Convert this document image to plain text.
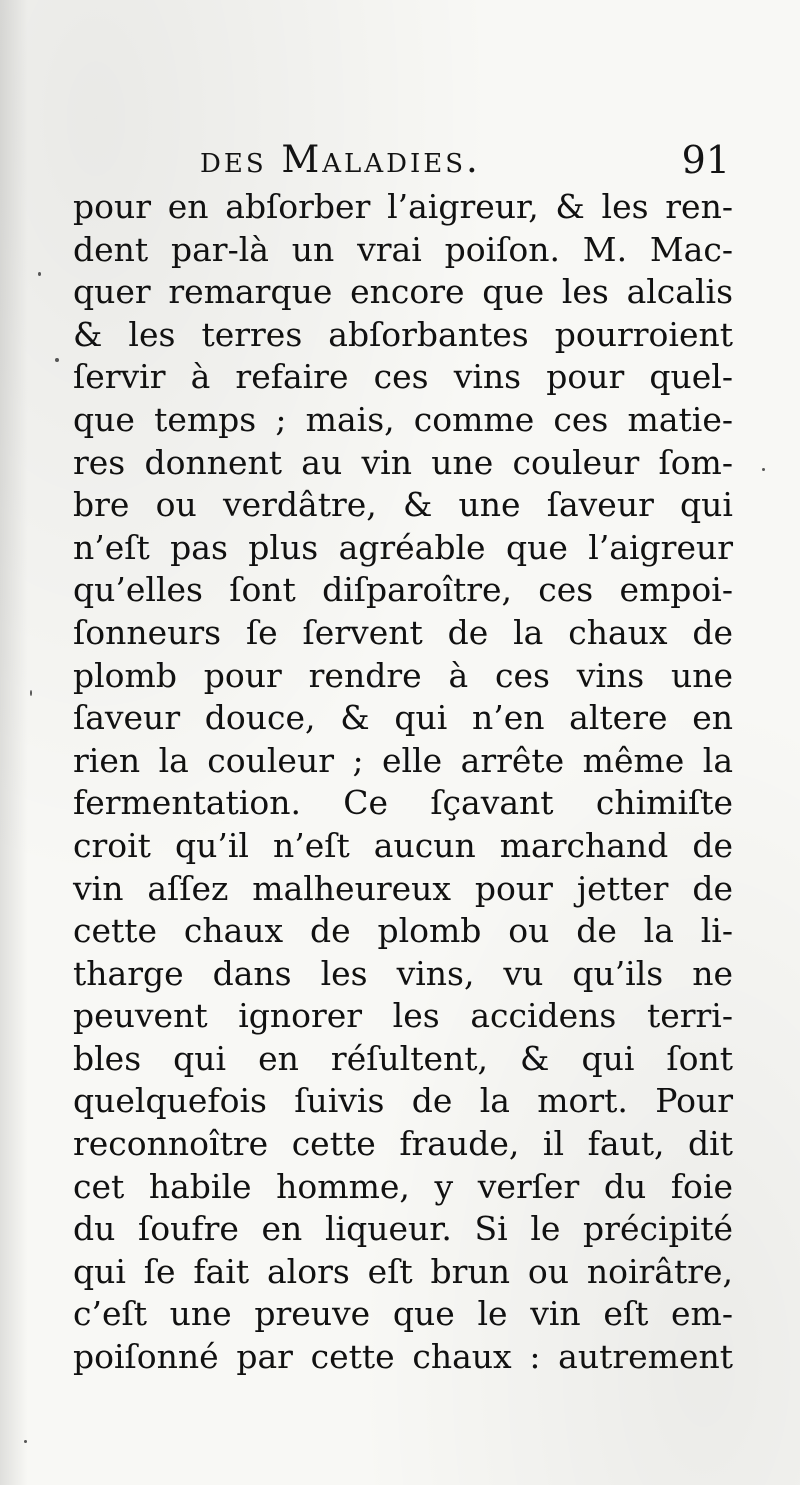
des Maladies.	91
pour en abſorber l’aigreur, & les ren-
dent par-là un vrai poiſon. M. Mac-
quer remarque encore que les alcalis
& les terres abſorbantes pourroient
ſervir à refaire ces vins pour quel-
que temps ; mais, comme ces matie-
res donnent au vin une couleur ſom-
bre ou verdâtre, & une ſaveur qui
n’eſt pas plus agréable que l’aigreur
qu’elles ſont diſparoître, ces empoi-
ſonneurs ſe ſervent de la chaux de
plomb pour rendre à ces vins une
ſaveur douce, & qui n’en altere en
rien la couleur ; elle arrête même la
fermentation. Ce ſçavant chimiſte
croit qu’il n’eſt aucun marchand de
vin aſſez malheureux pour jetter de
cette chaux de plomb ou de la li-
tharge dans les vins, vu qu’ils ne
peuvent ignorer les accidens terri-
bles qui en réſultent, & qui ſont
quelquefois ſuivis de la mort. Pour
reconnoître cette fraude, il faut, dit
cet habile homme, y verſer du foie
du ſoufre en liqueur. Si le précipité
qui ſe fait alors eſt brun ou noirâtre,
c’eſt une preuve que le vin eſt em-
poiſonné par cette chaux : autrement
